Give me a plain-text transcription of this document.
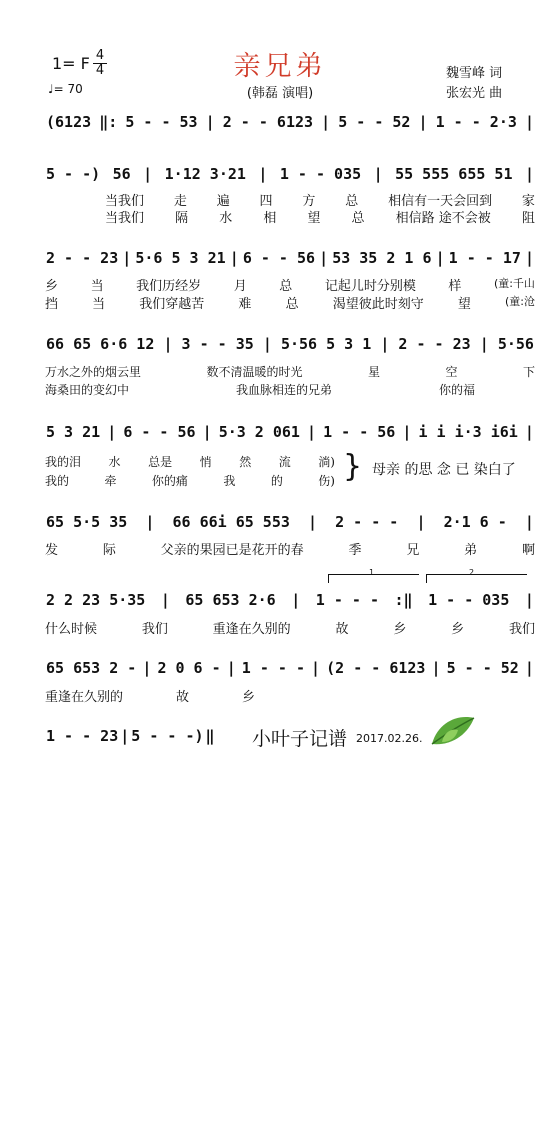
亲兄弟
(韩磊 演唱)
1= F 4
4
♩= 70
魏雪峰 词
张宏光 曲
(6123 ‖: 5 - - 53 | 2 - - 6123 | 5 - - 52 | 1 - - 2·3 |
5 - -) 56 | 1·12 3·21 | 1 - - 035 | 55 555 655 51 |
当我们 走 遍 四 方 总 相信有一天会回到 家
当我们 隔 水 相 望 总 相信路 途不会被 阻
2 - - 23 | 5·6 5 3 21 | 6 - - 56 | 53 35 2 1 6 | 1 - - 17 |
乡	当	我们历经岁	月	总	记起儿时分别模	样	(童:千山
挡	当	我们穿越苦	难	总	渴望彼此时刻守	望	(童:沧
66 65 6·6 12 | 3 - - 35 | 5·56 5 3 1 | 2 - - 23 | 5·56
万水之外的烟云里	数不清温暖的时光	星	空	下
海桑田的变幻中	我血脉相连的兄弟	你的福
5 3 21 | 6 - - 56 | 5·3 2 061 | 1 - - 56 | i i i·3 i6i |
我的泪 水 总是 悄 然 流 淌)
我的	牵	你的痛	我	的	伤) } 母亲 的思 念 已 染白了
65 5·5 35 | 66 66i 65 553 | 2 - - - | 2·1 6 - |
发	际	父亲的果园已是花开的春	季	兄	弟	啊
1	2
2 2 23 5·35 | 65 653 2·6 | 1 - - - :‖ 1 - - 035 |
什么时候	我们	重逢在久别的	故	乡	乡	我们
65 653 2 - | 2 0 6 - | 1 - - - | (2 - - 6123 | 5 - - 52 |
重逢在久别的	故	乡
1 - - 23 | 5 - - -) ‖ 小叶子记谱 2017.02.26.
